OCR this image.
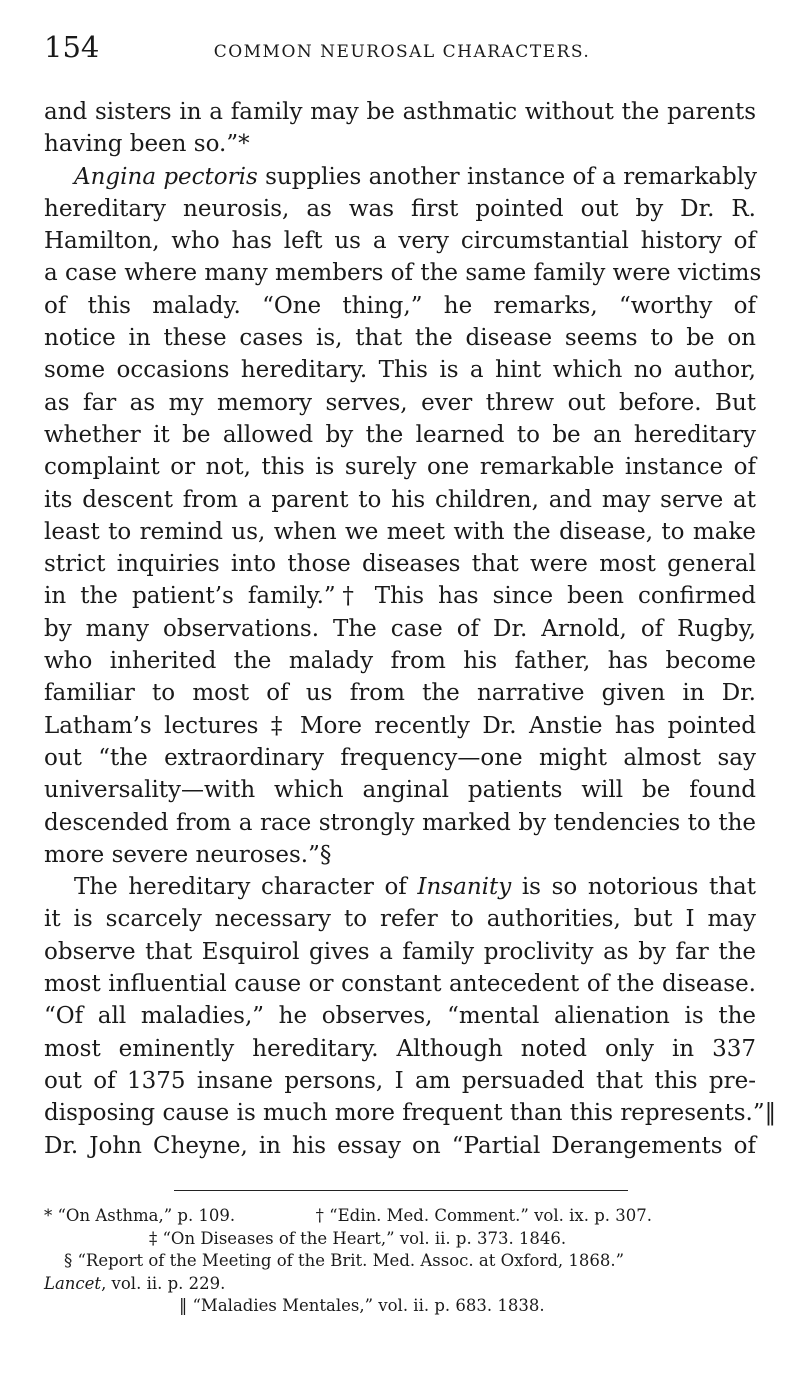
154	COMMON NEUROSAL CHARACTERS.
and sisters in a family may be asthmatic without the parents
having been so.”*
Angina pectoris supplies another instance of a remarkably
hereditary neurosis, as was first pointed out by Dr. R.
Hamilton, who has left us a very circumstantial history of
a case where many members of the same family were victims
of this malady. “One thing,” he remarks, “worthy of
notice in these cases is, that the disease seems to be on
some occasions hereditary. This is a hint which no author,
as far as my memory serves, ever threw out before. But
whether it be allowed by the learned to be an hereditary
complaint or not, this is surely one remarkable instance of
its descent from a parent to his children, and may serve at
least to remind us, when we meet with the disease, to make
strict inquiries into those diseases that were most general
in the patient’s family.”† This has since been confirmed
by many observations. The case of Dr. Arnold, of Rugby,
who inherited the malady from his father, has become
familiar to most of us from the narrative given in Dr.
Latham’s lectures ‡ More recently Dr. Anstie has pointed
out “the extraordinary frequency—one might almost say
universality—with which anginal patients will be found
descended from a race strongly marked by tendencies to the
more severe neuroses.”§
The hereditary character of Insanity is so notorious that
it is scarcely necessary to refer to authorities, but I may
observe that Esquirol gives a family proclivity as by far the
most influential cause or constant antecedent of the disease.
“Of all maladies,” he observes, “mental alienation is the
most eminently hereditary. Although noted only in 337
out of 1375 insane persons, I am persuaded that this pre-
disposing cause is much more frequent than this represents.”‖
Dr. John Cheyne, in his essay on “Partial Derangements of
* “On Asthma,” p. 109.	† “Edin. Med. Comment.” vol. ix. p. 307.
‡ “On Diseases of the Heart,” vol. ii. p. 373. 1846.
§ “Report of the Meeting of the Brit. Med. Assoc. at Oxford, 1868.”
Lancet, vol. ii. p. 229.
‖ “Maladies Mentales,” vol. ii. p. 683. 1838.
